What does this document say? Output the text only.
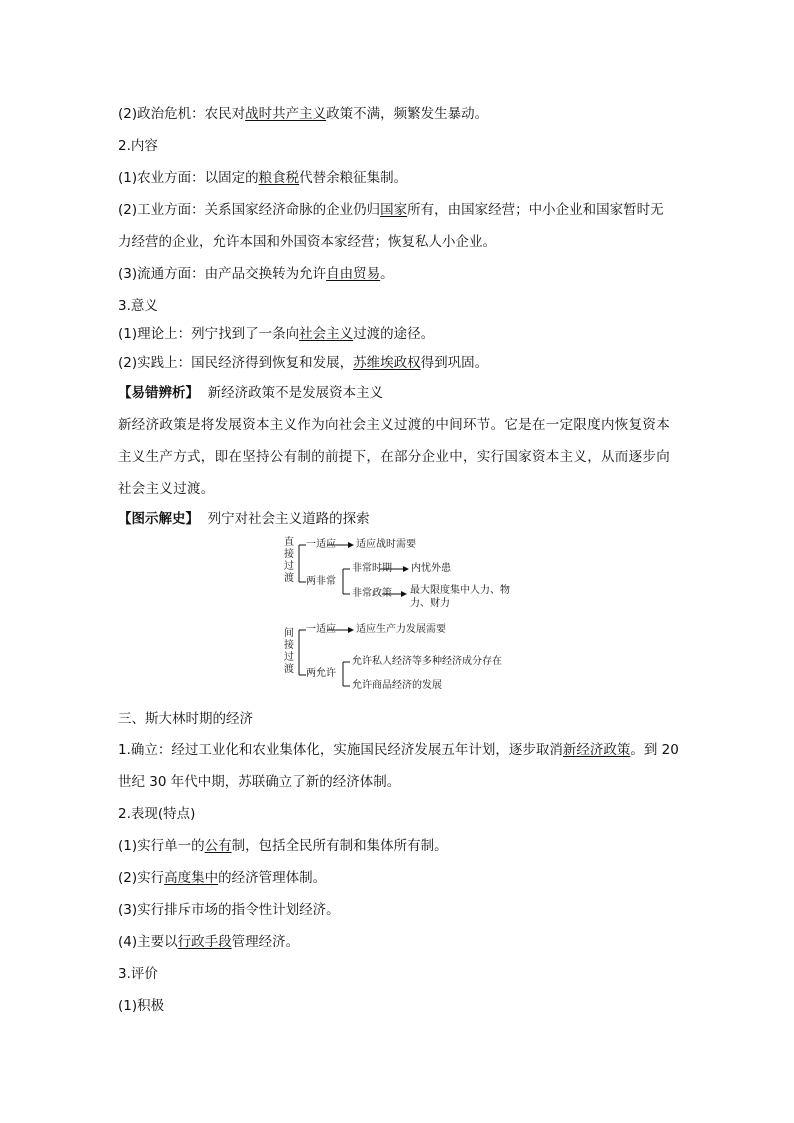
(2)政治危机：农民对战时共产主义政策不满，频繁发生暴动。
2.内容
(1)农业方面：以固定的粮食税代替余粮征集制。
(2)工业方面：关系国家经济命脉的企业仍归国家所有，由国家经营；中小企业和国家暂时无
力经营的企业，允许本国和外国资本家经营；恢复私人小企业。
(3)流通方面：由产品交换转为允许自由贸易。
3.意义
(1)理论上：列宁找到了一条向社会主义过渡的途径。
(2)实践上：国民经济得到恢复和发展，苏维埃政权得到巩固。
【易错辨析】 新经济政策不是发展资本主义
新经济政策是将发展资本主义作为向社会主义过渡的中间环节。它是在一定限度内恢复资本主义生产方式，即在坚持公有制的前提下，在部分企业中，实行国家资本主义，从而逐步向社会主义过渡。
【图示解史】 列宁对社会主义道路的探索
直接过渡
一适应 适应战时需要
两非常
非常时期 内忧外患
非常政策 最大限度集中人力、物
力、财力
间接过渡
一适应 适应生产力发展需要
两允许
允许私人经济等多种经济成分存在
允许商品经济的发展
三、斯大林时期的经济
1.确立：经过工业化和农业集体化，实施国民经济发展五年计划，逐步取消新经济政策。到 20
世纪 30 年代中期，苏联确立了新的经济体制。
2.表现(特点)
(1)实行单一的公有制，包括全民所有制和集体所有制。
(2)实行高度集中的经济管理体制。
(3)实行排斥市场的指令性计划经济。
(4)主要以行政手段管理经济。
3.评价
(1)积极
